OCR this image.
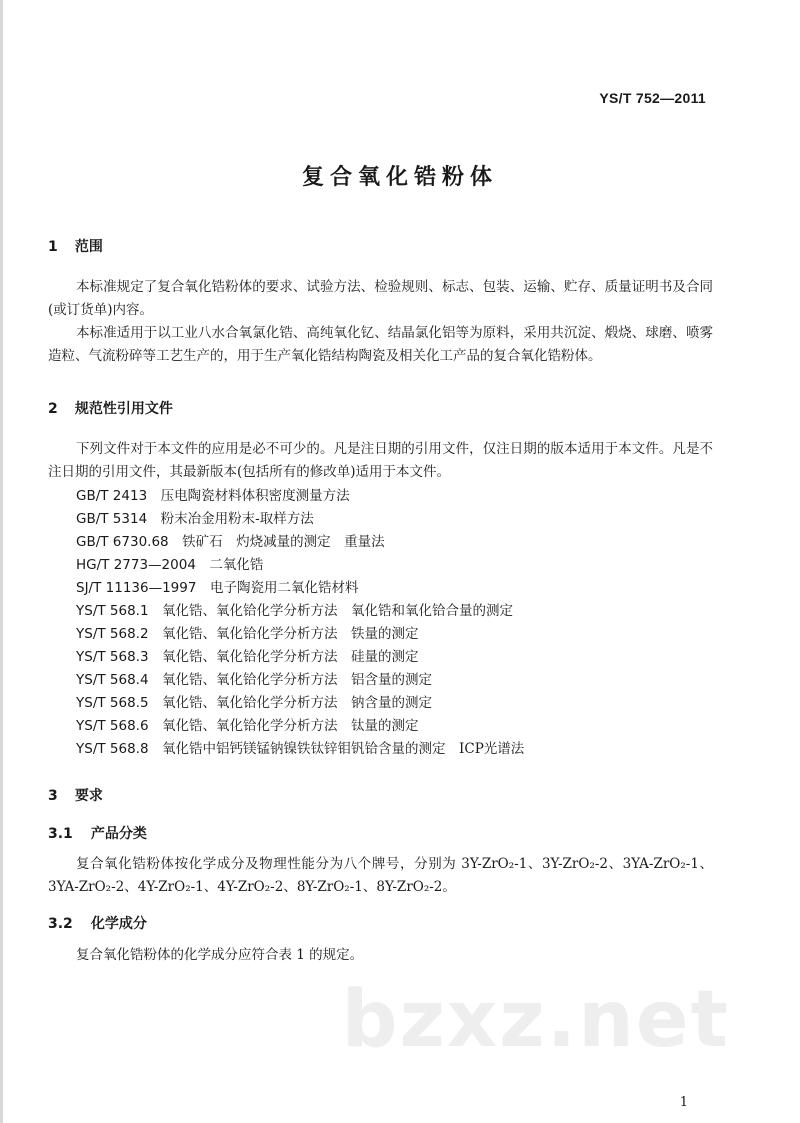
YS/T 752—2011
复合氧化锆粉体
1 范围
本标准规定了复合氧化锆粉体的要求、试验方法、检验规则、标志、包装、运输、贮存、质量证明书及合同(或订货单)内容。
本标准适用于以工业八水合氧氯化锆、高纯氧化钇、结晶氯化铝等为原料，采用共沉淀、煅烧、球磨、喷雾造粒、气流粉碎等工艺生产的，用于生产氧化锆结构陶瓷及相关化工产品的复合氧化锆粉体。
2 规范性引用文件
下列文件对于本文件的应用是必不可少的。凡是注日期的引用文件，仅注日期的版本适用于本文件。凡是不注日期的引用文件，其最新版本(包括所有的修改单)适用于本文件。
GB/T 2413　 压电陶瓷材料体积密度测量方法
GB/T 5314　 粉末冶金用粉末-取样方法
GB/T 6730.68　 铁矿石　灼烧减量的测定　重量法
HG/T 2773—2004　 二氧化锆
SJ/T 11136—1997　 电子陶瓷用二氧化锆材料
YS/T 568.1　 氧化锆、氧化铪化学分析方法　氧化锆和氧化铪合量的测定
YS/T 568.2　 氧化锆、氧化铪化学分析方法　铁量的测定
YS/T 568.3　 氧化锆、氧化铪化学分析方法　硅量的测定
YS/T 568.4　 氧化锆、氧化铪化学分析方法　铝含量的测定
YS/T 568.5　 氧化锆、氧化铪化学分析方法　钠含量的测定
YS/T 568.6　 氧化锆、氧化铪化学分析方法　钛量的测定
YS/T 568.8　 氧化锆中铝钙镁锰钠镍铁钛锌钼钒铪含量的测定　ICP光谱法
3 要求
3.1 产品分类
复合氧化锆粉体按化学成分及物理性能分为八个牌号，分别为 3Y-ZrO₂-1、3Y-ZrO₂-2、3YA-ZrO₂-1、3YA-ZrO₂-2、4Y-ZrO₂-1、4Y-ZrO₂-2、8Y-ZrO₂-1、8Y-ZrO₂-2。
3.2 化学成分
复合氧化锆粉体的化学成分应符合表 1 的规定。
bzxz.net
1
